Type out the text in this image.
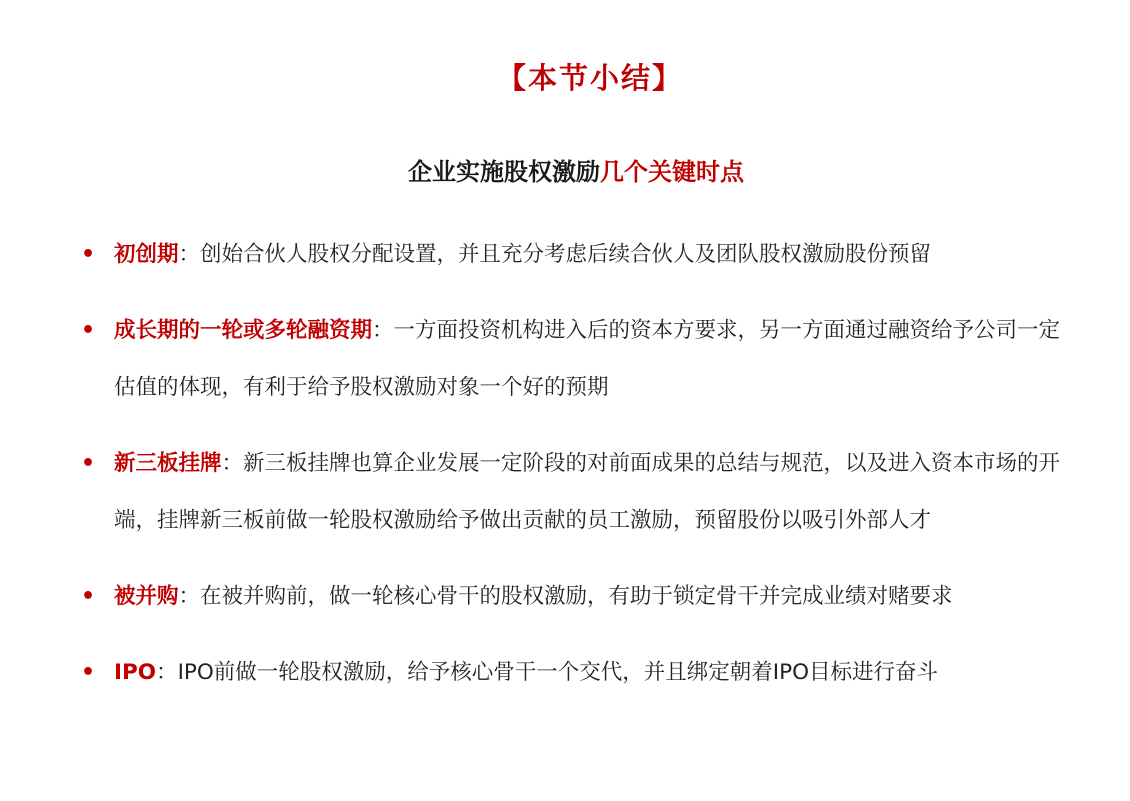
【本节小结】
企业实施股权激励几个关键时点
• 初创期：创始合伙人股权分配设置，并且充分考虑后续合伙人及团队股权激励股份预留
• 成长期的一轮或多轮融资期：一方面投资机构进入后的资本方要求，另一方面通过融资给予公司一定估值的体现，有利于给予股权激励对象一个好的预期
• 新三板挂牌：新三板挂牌也算企业发展一定阶段的对前面成果的总结与规范，以及进入资本市场的开端，挂牌新三板前做一轮股权激励给予做出贡献的员工激励，预留股份以吸引外部人才
• 被并购：在被并购前，做一轮核心骨干的股权激励，有助于锁定骨干并完成业绩对赌要求
• IPO：IPO前做一轮股权激励，给予核心骨干一个交代，并且绑定朝着IPO目标进行奋斗
